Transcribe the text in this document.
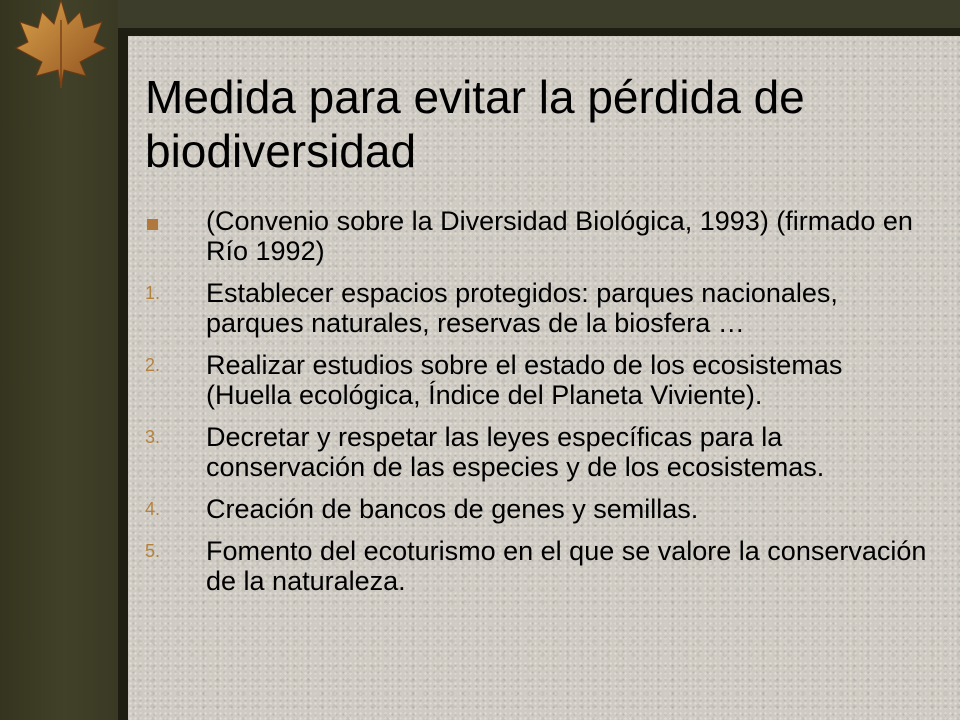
Medida para evitar la pérdida de biodiversidad
(Convenio sobre la Diversidad Biológica, 1993) (firmado en Río 1992)
1. Establecer espacios protegidos: parques nacionales, parques naturales, reservas de la biosfera …
2. Realizar estudios sobre el estado de los ecosistemas (Huella ecológica, Índice del Planeta Viviente).
3. Decretar y respetar las leyes específicas para la conservación de las especies y de los ecosistemas.
4. Creación de bancos de genes y semillas.
5. Fomento del ecoturismo en el que se valore la conservación de la naturaleza.
